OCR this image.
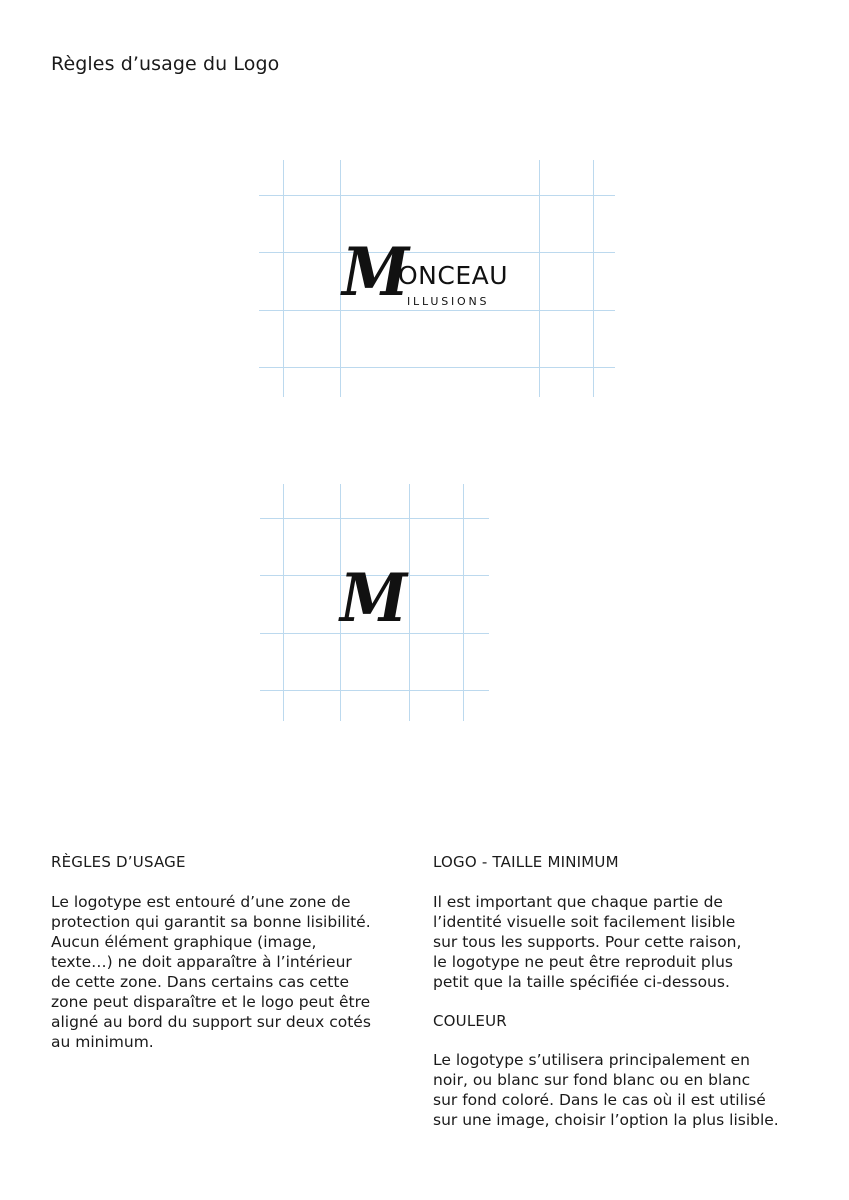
Règles d’usage du Logo
M
ONCEAU
ILLUSIONS
M
RÈGLES D’USAGE
Le logotype est entouré d’une zone de
protection qui garantit sa bonne lisibilité.
Aucun élément graphique (image,
texte…) ne doit apparaître à l’intérieur
de cette zone. Dans certains cas cette
zone peut disparaître et le logo peut être
aligné au bord du support sur deux cotés
au minimum.
LOGO - TAILLE MINIMUM
Il est important que chaque partie de
l’identité visuelle soit facilement lisible
sur tous les supports. Pour cette raison,
le logotype ne peut être reproduit plus
petit que la taille spécifiée ci-dessous.
COULEUR
Le logotype s’utilisera principalement en
noir, ou blanc sur fond blanc ou en blanc
sur fond coloré. Dans le cas où il est utilisé
sur une image, choisir l’option la plus lisible.
